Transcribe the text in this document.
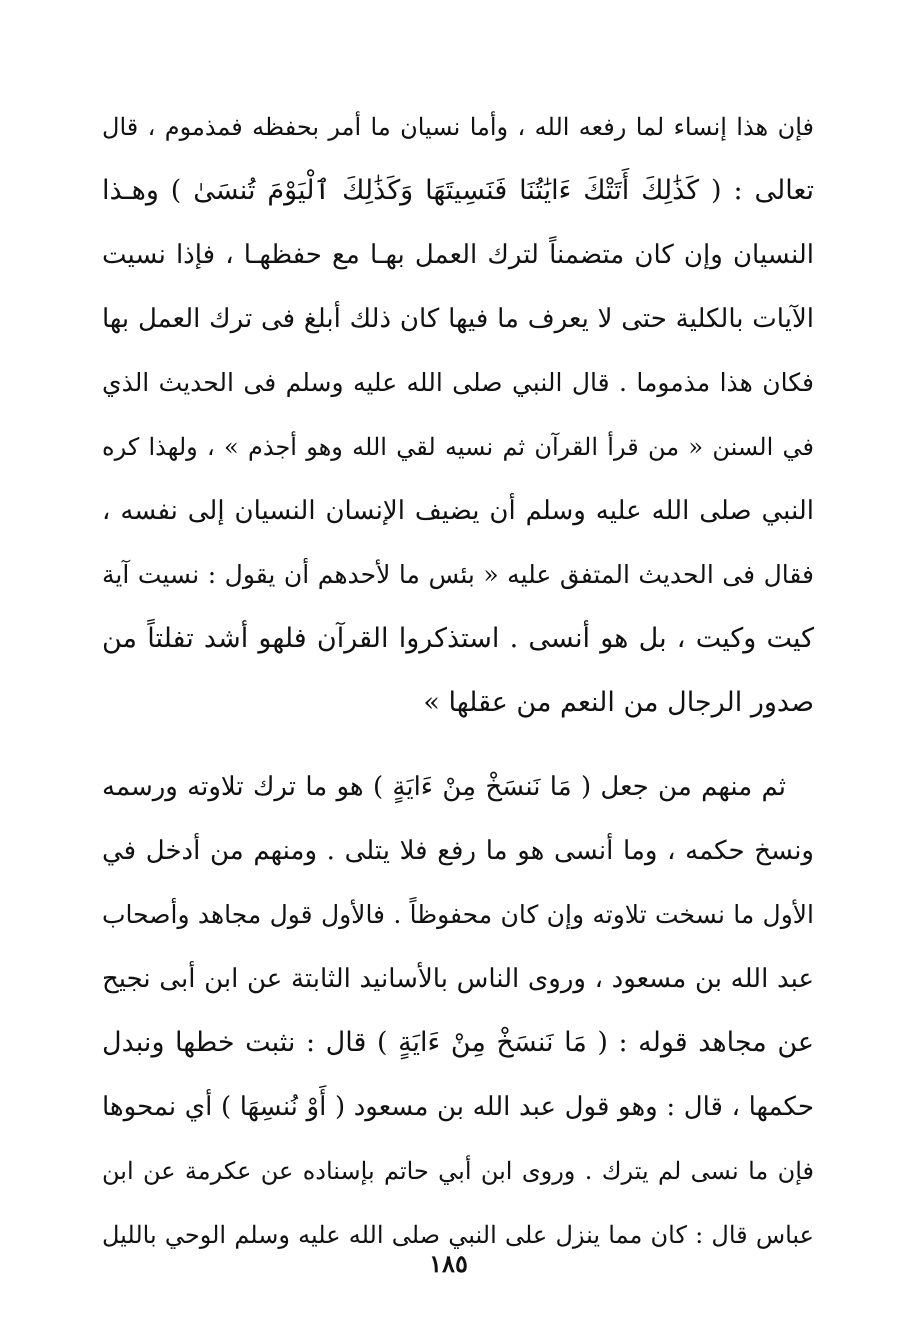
فإن هذا إنساء لما رفعه الله ، وأما نسيان ما أمر بحفظه فمذموم ، قال
تعالى : ( كَذَٰلِكَ أَتَتْكَ ءَايَٰتُنَا فَنَسِيتَهَا وَكَذَٰلِكَ ٱلْيَوْمَ تُنسَىٰ ) وهـذا
النسيان وإن كان متضمناً لترك العمل بهـا مع حفظهـا ، فإذا نسيت
الآيات بالكلية حتى لا يعرف ما فيها كان ذلك أبلغ فى ترك العمل بها
فكان هذا مذموما . قال النبي صلى الله عليه وسلم فى الحديث الذي
في السنن « من قرأ القرآن ثم نسيه لقي الله وهو أجذم » ، ولهذا كره
النبي صلى الله عليه وسلم أن يضيف الإنسان النسيان إلى نفسه ،
فقال فى الحديث المتفق عليه « بئس ما لأحدهم أن يقول : نسيت آية
كيت وكيت ، بل هو أنسى . استذكروا القرآن فلهو أشد تفلتاً من
صدور الرجال من النعم من عقلها »
ثم منهم من جعل ( مَا نَنسَخْ مِنْ ءَايَةٍ ) هو ما ترك تلاوته ورسمه
ونسخ حكمه ، وما أنسى هو ما رفع فلا يتلى . ومنهم من أدخل في
الأول ما نسخت تلاوته وإن كان محفوظاً . فالأول قول مجاهد وأصحاب
عبد الله بن مسعود ، وروى الناس بالأسانيد الثابتة عن ابن أبى نجيح
عن مجاهد قوله : ( مَا نَنسَخْ مِنْ ءَايَةٍ ) قال : نثبت خطها ونبدل
حكمها ، قال : وهو قول عبد الله بن مسعود ( أَوْ نُنسِهَا ) أي نمحوها
فإن ما نسى لم يترك . وروى ابن أبي حاتم بإسناده عن عكرمة عن ابن
عباس قال : كان مما ينزل على النبي صلى الله عليه وسلم الوحي بالليل
١٨٥
